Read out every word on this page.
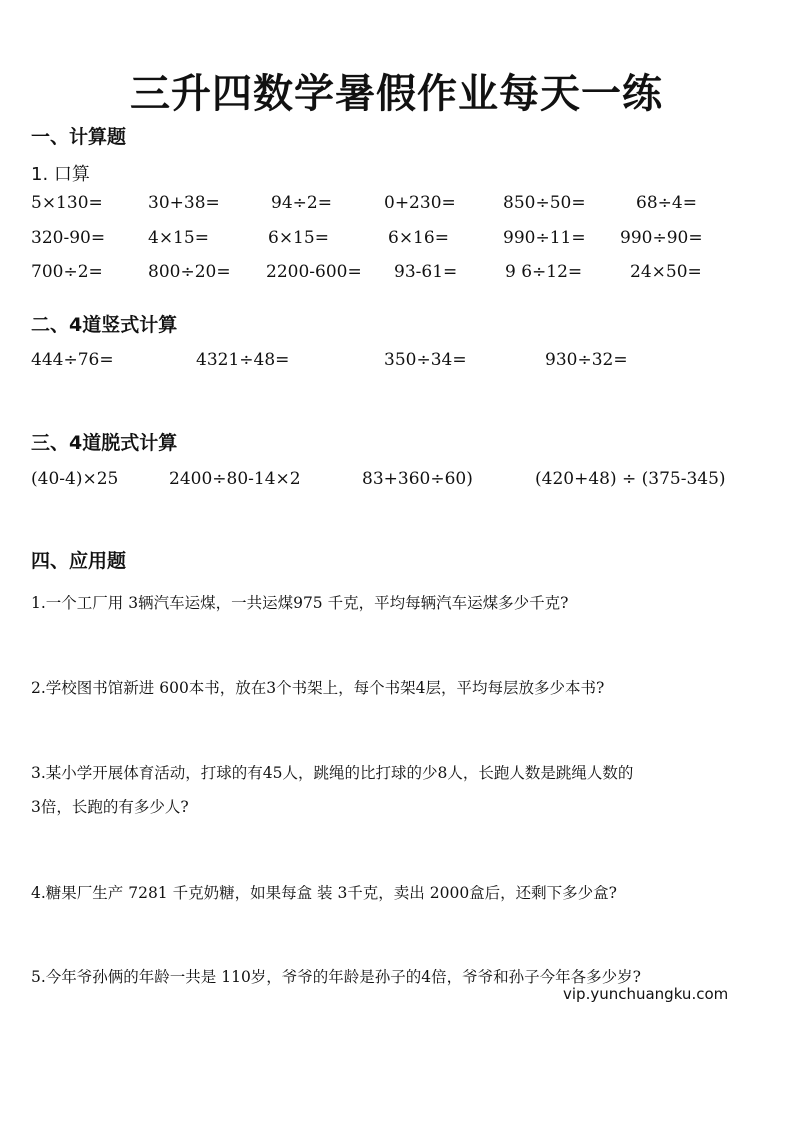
三升四数学暑假作业每天一练
一、计算题
1. 口算
5×130=	30+38=	94÷2=	0+230=	850÷50=	68÷4=
320-90=	4×15=	6×15=	6×16=	990÷11= 990÷90=
700÷2=	800÷20= 2200-600= 93-61=	9 6÷12=	24×50=
二、4道竖式计算
444÷76=	4321÷48=	350÷34=	930÷32=
三、4道脱式计算
(40-4)×25	2400÷80-14×2	83+360÷60)	(420+48) ÷ (375-345)
四、应用题
1.一个工厂用 3辆汽车运煤，一共运煤975 千克，平均每辆汽车运煤多少千克?
2.学校图书馆新进 600本书，放在3个书架上，每个书架4层，平均每层放多少本书?
3.某小学开展体育活动，打球的有45人，跳绳的比打球的少8人，长跑人数是跳绳人数的
3倍，长跑的有多少人?
4.糖果厂生产 7281 千克奶糖，如果每盒 装 3千克，卖出 2000盒后，还剩下多少盒?
5.今年爷孙俩的年龄一共是 110岁，爷爷的年龄是孙子的4倍，爷爷和孙子今年各多少岁?
vip.yunchuangku.com
